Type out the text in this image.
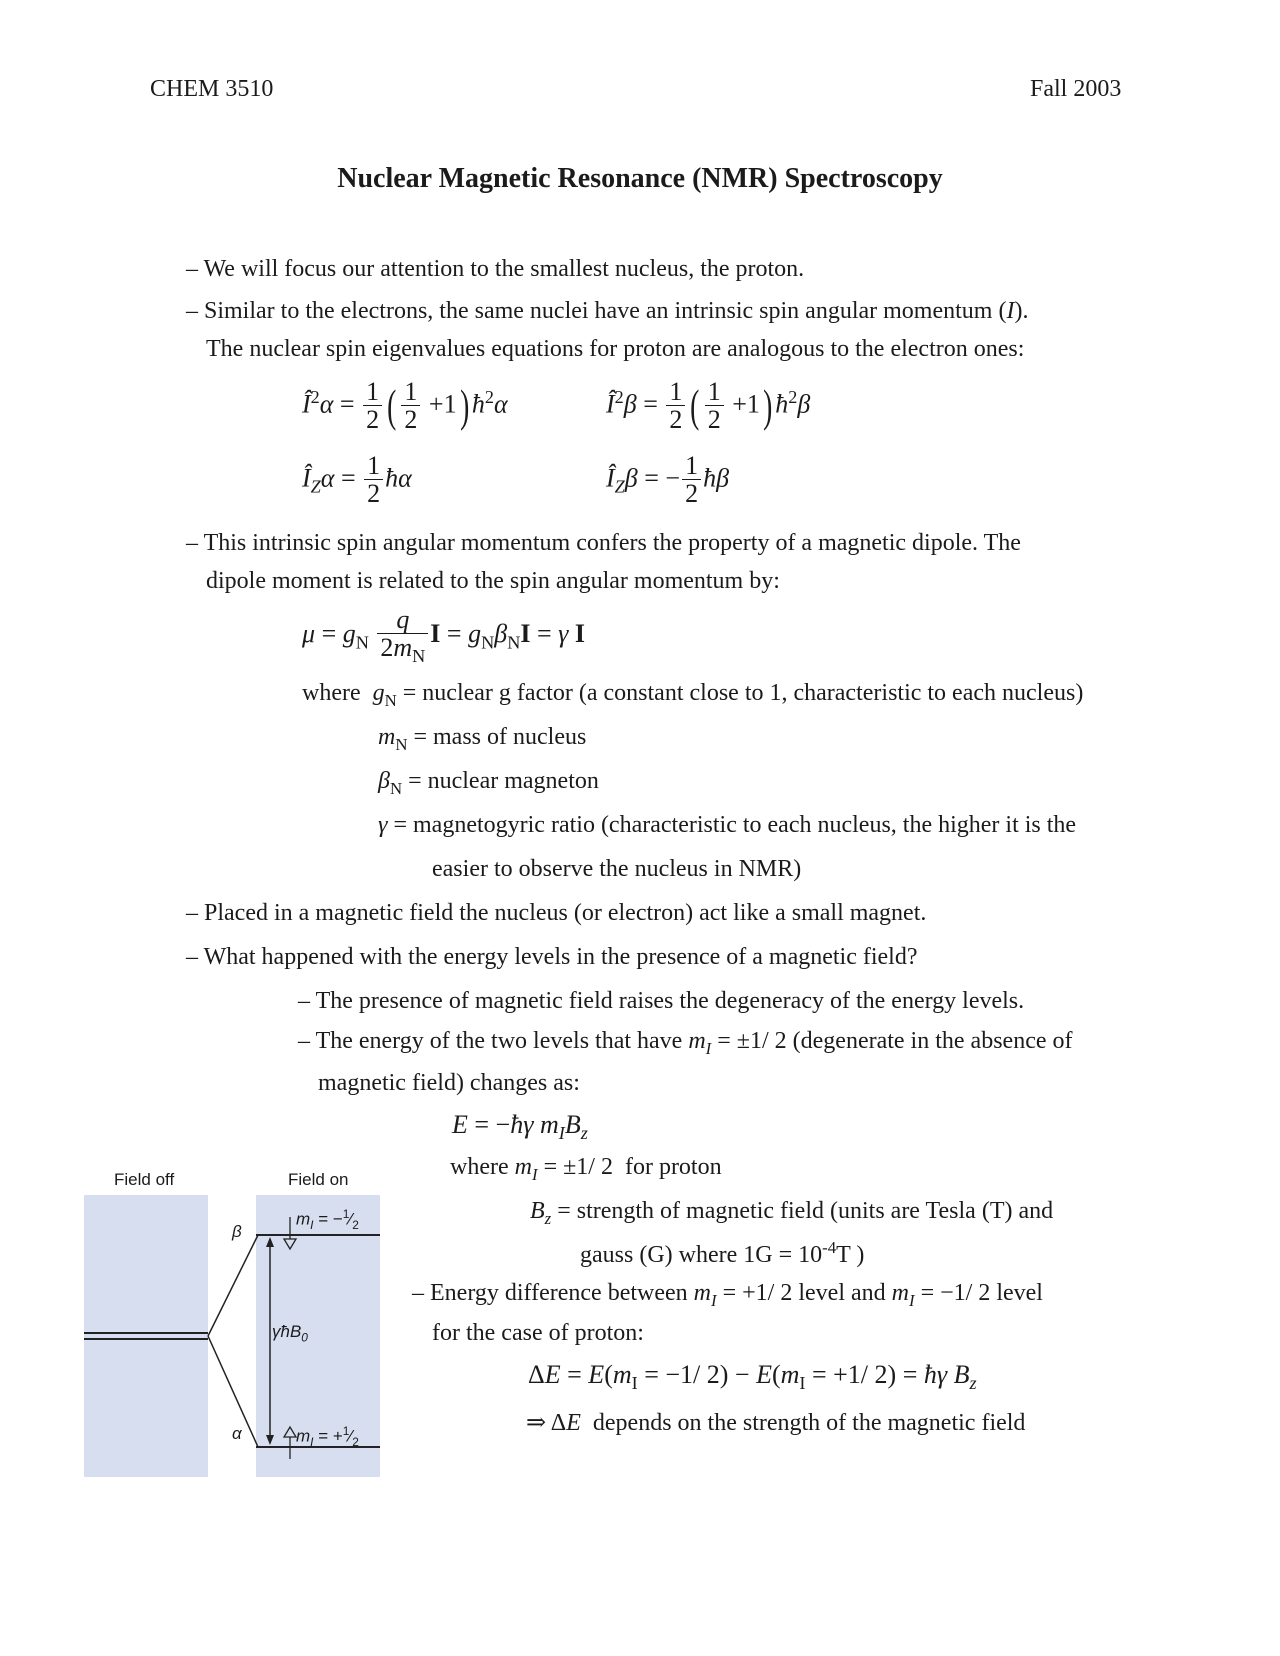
CHEM 3510	Fall 2003
Nuclear Magnetic Resonance (NMR) Spectroscopy
– We will focus our attention to the smallest nucleus, the proton.
– Similar to the electrons, the same nuclei have an intrinsic spin angular momentum (I).
The nuclear spin eigenvalues equations for proton are analogous to the electron ones:
$Î^2\alpha = \frac{1}{2}$ ( $\frac{1}{2} +1$) $ħ^2\alpha$	$Î^2\beta = \frac{1}{2}$ ( $\frac{1}{2} +1$) $ħ^2\beta$
$Î_Z\alpha = \frac{1}{2}$ ħα	$Î_Z\beta$ = − $\frac{1}{2}$ ħβ
– This intrinsic spin angular momentum confers the property of a magnetic dipole. The
dipole moment is related to the spin angular momentum by:
$\mu = g_N \frac{q}{2m_N}$ $I = g_N\beta_NI = \gamma$ I
where $g_N$ = nuclear g factor (a constant close to 1, characteristic to each nucleus)
$m_N$ = mass of nucleus
$\beta_N$ = nuclear magneton
γ = magnetogyric ratio (characteristic to each nucleus, the higher it is the
easier to observe the nucleus in NMR)
– Placed in a magnetic field the nucleus (or electron) act like a small magnet.
– What happened with the energy levels in the presence of a magnetic field?
– The presence of magnetic field raises the degeneracy of the energy levels.
– The energy of the two levels that have $m_I = \pm 1/$ 2 (degenerate in the absence of
magnetic field) changes as:
E = −ħγ $m_IB_z$
where $m_I = \pm 1/$ 2  for proton
$B_z$ = strength of magnetic field (units are Tesla (T) and
gauss (G) where $1G = 10^{-4}T$ )
– Energy difference between $m_I = +1/$ 2 level and $m_I = -1/$ 2 level
for the case of proton:
$\Delta E = E(m_I = -1/$ $2) - E(m_I = +1/$ 2) = ħγ $B_z$
⇒ ΔE depends on the strength of the magnetic field
Field off	Field on
β
α
$m_I$ = $-^1⁄_2$
$m_I$ = $+^1⁄_2$
γħB$_0$
